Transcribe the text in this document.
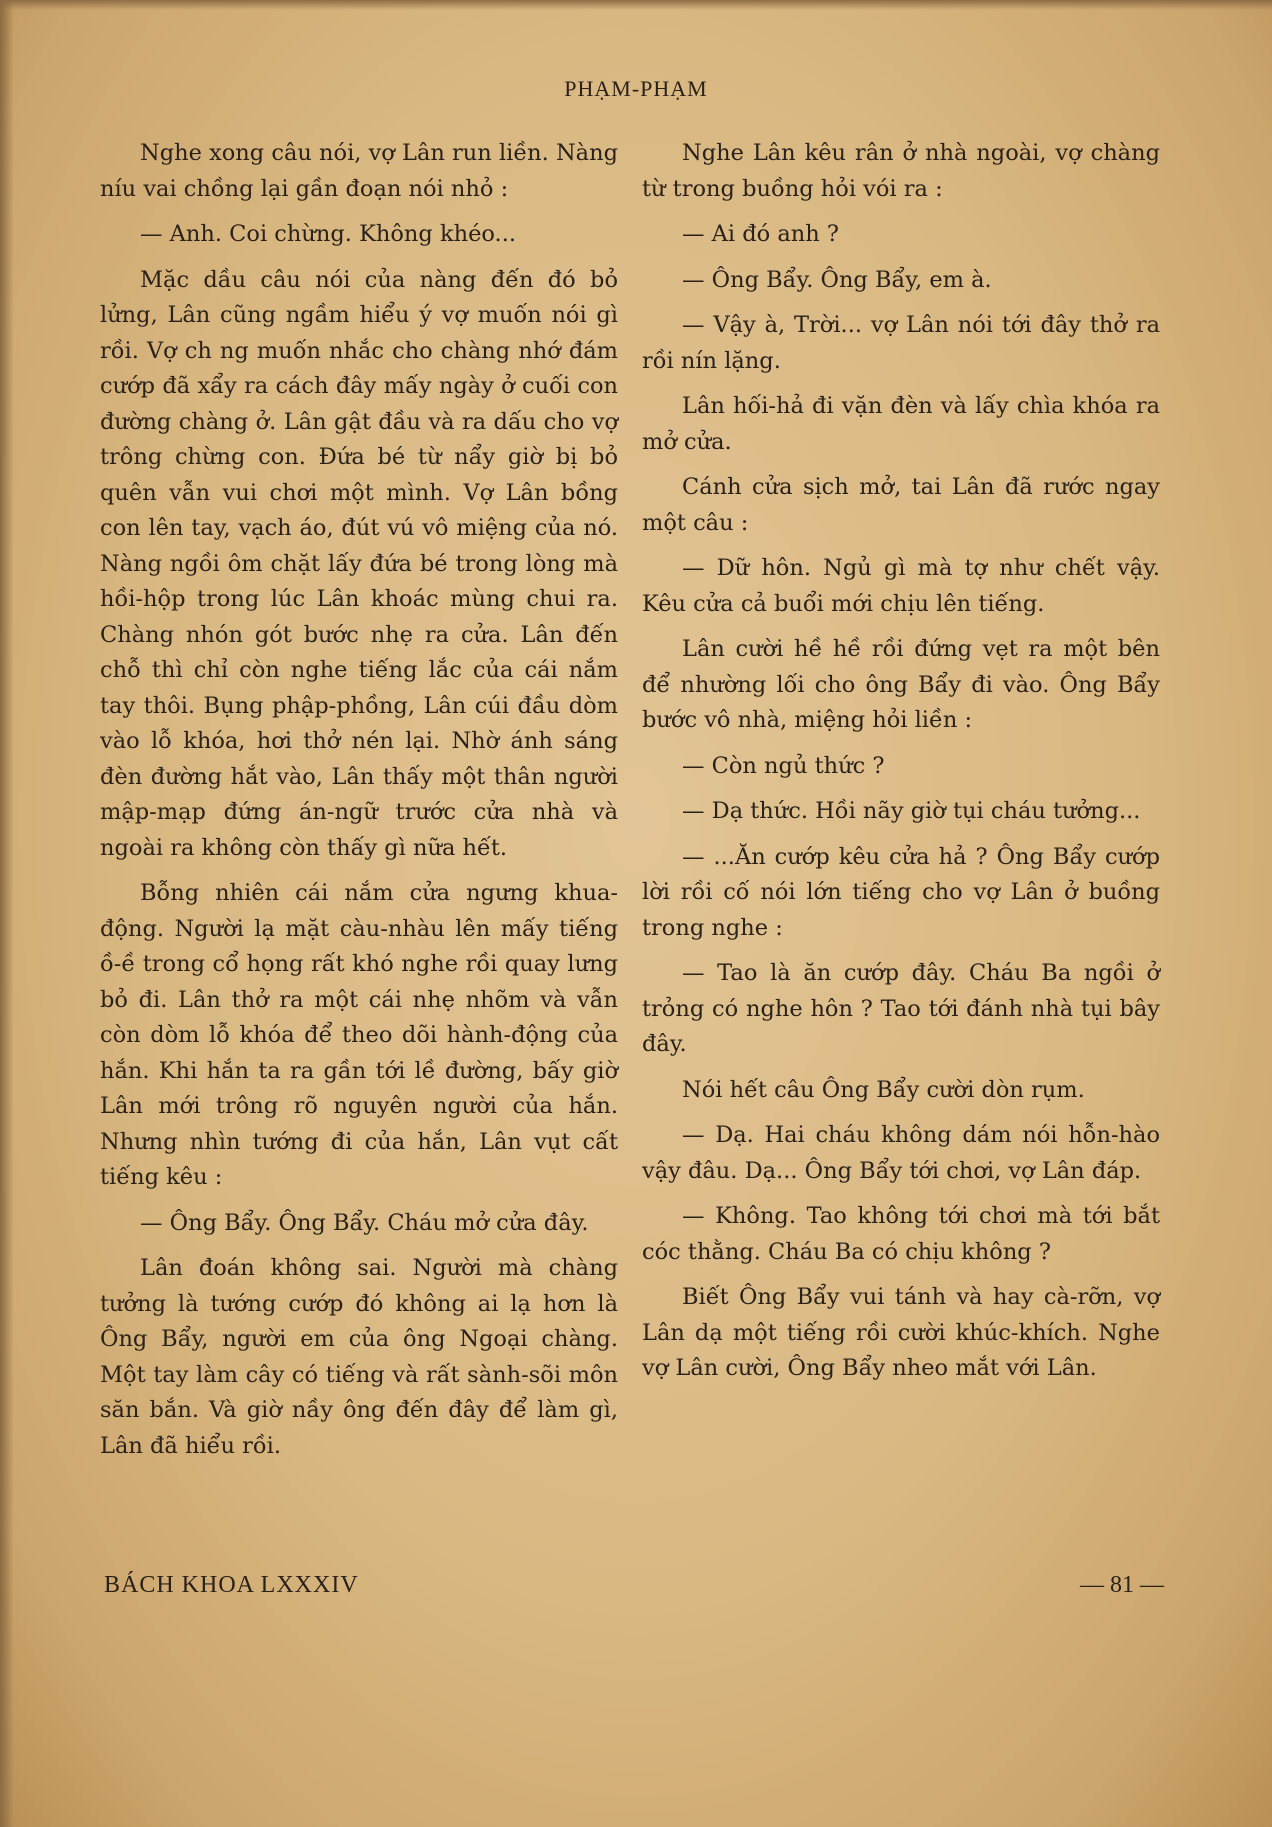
PHẠM-PHẠM

Nghe xong câu nói, vợ Lân run liền. Nàng níu vai chồng lại gần đoạn nói nhỏ :

— Anh. Coi chừng. Không khéo...

Mặc dầu câu nói của nàng đến đó bỏ lửng, Lân cũng ngầm hiểu ý vợ muốn nói gì rồi. Vợ ch ng muốn nhắc cho chàng nhớ đám cướp đã xẩy ra cách đây mấy ngày ở cuối con đường chàng ở. Lân gật đầu và ra dấu cho vợ trông chừng con. Đứa bé từ nẩy giờ bị bỏ quên vẫn vui chơi một mình. Vợ Lân bồng con lên tay, vạch áo, đút vú vô miệng của nó. Nàng ngồi ôm chặt lấy đứa bé trong lòng mà hồi-hộp trong lúc Lân khoác mùng chui ra. Chàng nhón gót bước nhẹ ra cửa. Lân đến chỗ thì chỉ còn nghe tiếng lắc của cái nắm tay thôi. Bụng phập-phồng, Lân cúi đầu dòm vào lỗ khóa, hơi thở nén lại. Nhờ ánh sáng đèn đường hắt vào, Lân thấy một thân người mập-mạp đứng án-ngữ trước cửa nhà và ngoài ra không còn thấy gì nữa hết.

Bỗng nhiên cái nắm cửa ngưng khua-động. Người lạ mặt càu-nhàu lên mấy tiếng ồ-ề trong cổ họng rất khó nghe rồi quay lưng bỏ đi. Lân thở ra một cái nhẹ nhõm và vẫn còn dòm lỗ khóa để theo dõi hành-động của hắn. Khi hắn ta ra gần tới lề đường, bấy giờ Lân mới trông rõ nguyên người của hắn. Nhưng nhìn tướng đi của hắn, Lân vụt cất tiếng kêu :

— Ông Bẩy. Ông Bẩy. Cháu mở cửa đây.

Lân đoán không sai. Người mà chàng tưởng là tướng cướp đó không ai lạ hơn là Ông Bẩy, người em của ông Ngoại chàng. Một tay làm cây có tiếng và rất sành-sõi môn săn bắn. Và giờ nầy ông đến đây để làm gì, Lân đã hiểu rồi.

Nghe Lân kêu rân ở nhà ngoài, vợ chàng từ trong buồng hỏi vói ra :

— Ai đó anh ?

— Ông Bẩy. Ông Bẩy, em à.

— Vậy à, Trời... vợ Lân nói tới đây thở ra rồi nín lặng.

Lân hối-hả đi vặn đèn và lấy chìa khóa ra mở cửa.

Cánh cửa sịch mở, tai Lân đã rước ngay một câu :

— Dữ hôn. Ngủ gì mà tợ như chết vậy. Kêu cửa cả buổi mới chịu lên tiếng.

Lân cười hề hề rồi đứng vẹt ra một bên để nhường lối cho ông Bẩy đi vào. Ông Bẩy bước vô nhà, miệng hỏi liền :

— Còn ngủ thức ?

— Dạ thức. Hồi nãy giờ tụi cháu tưởng...

— ...Ăn cướp kêu cửa hả ? Ông Bẩy cướp lời rồi cố nói lớn tiếng cho vợ Lân ở buồng trong nghe :

— Tao là ăn cướp đây. Cháu Ba ngồi ở trỏng có nghe hôn ? Tao tới đánh nhà tụi bây đây.

Nói hết câu Ông Bẩy cười dòn rụm.

— Dạ. Hai cháu không dám nói hỗn-hào vậy đâu. Dạ... Ông Bẩy tới chơi, vợ Lân đáp.

— Không. Tao không tới chơi mà tới bắt cóc thằng. Cháu Ba có chịu không ?

Biết Ông Bẩy vui tánh và hay cà-rỡn, vợ Lân dạ một tiếng rồi cười khúc-khích. Nghe vợ Lân cười, Ông Bẩy nheo mắt với Lân.

BÁCH KHOA LXXXIV	— 81 —
